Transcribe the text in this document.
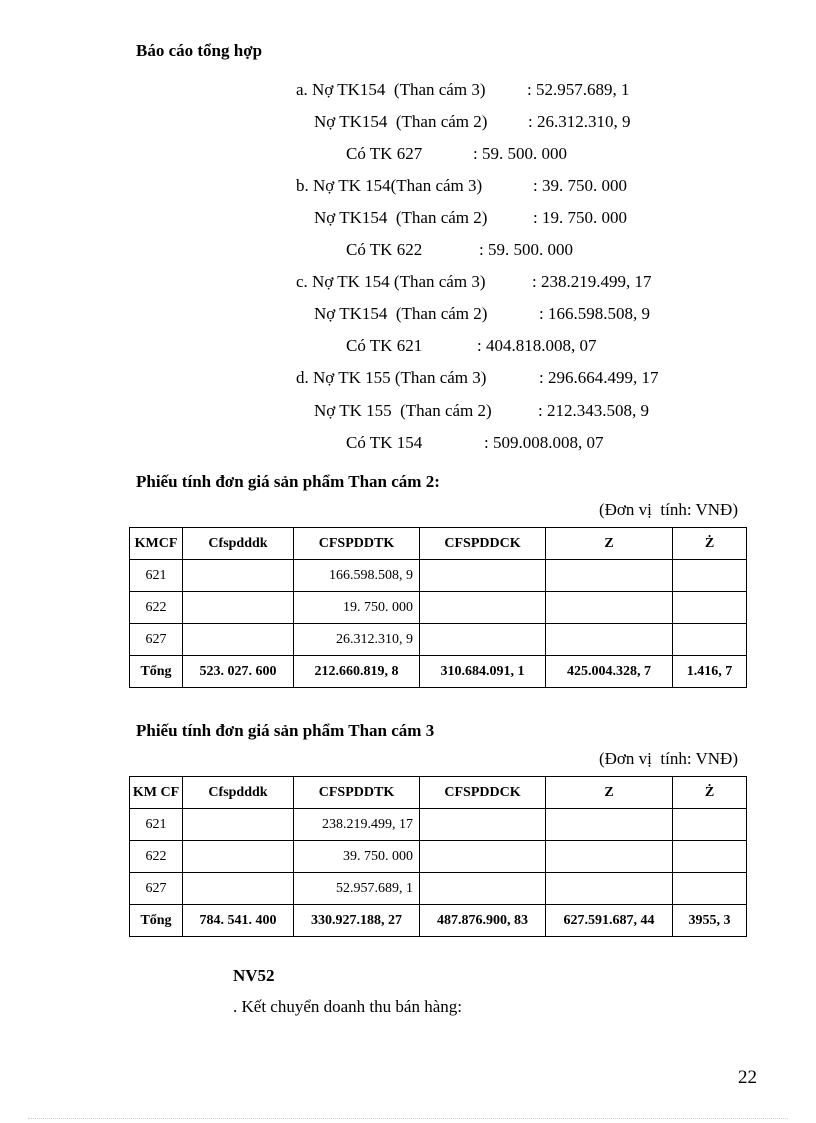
Báo cáo tổng hợp
a. Nợ TK154  (Than cám 3) : 52.957.689, 1
Nợ TK154  (Than cám 2) : 26.312.310, 9
Có TK 627	: 59. 500. 000
b. Nợ TK 154(Than cám 3)	: 39. 750. 000
Nợ TK154  (Than cám 2)	: 19. 750. 000
Có TK 622	: 59. 500. 000
c. Nợ TK 154 (Than cám 3)	: 238.219.499, 17
Nợ TK154  (Than cám 2)	: 166.598.508, 9
Có TK 621	: 404.818.008, 07
d. Nợ TK 155 (Than cám 3)	: 296.664.499, 17
Nợ TK 155  (Than cám 2)	: 212.343.508, 9
Có TK 154	: 509.008.008, 07
Phiếu tính đơn giá sản phẩm Than cám 2:
(Đơn vị  tính: VNĐ)
KMCF	Cfspdddk	CFSPDDTK	CFSPDDCK	Z	Ż
621		166.598.508, 9			
622		19. 750. 000			
627		26.312.310, 9			
Tổng	523. 027. 600	212.660.819, 8	310.684.091, 1	425.004.328, 7	1.416, 7
Phiếu tính đơn giá sản phẩm Than cám 3
(Đơn vị  tính: VNĐ)
KM CF	Cfspdddk	CFSPDDTK	CFSPDDCK	Z	Ż
621		238.219.499, 17			
622		39. 750. 000			
627		52.957.689, 1			
Tổng	784. 541. 400	330.927.188, 27	487.876.900, 83	627.591.687, 44	3955, 3
NV52
. Kết chuyển doanh thu bán hàng:
22
